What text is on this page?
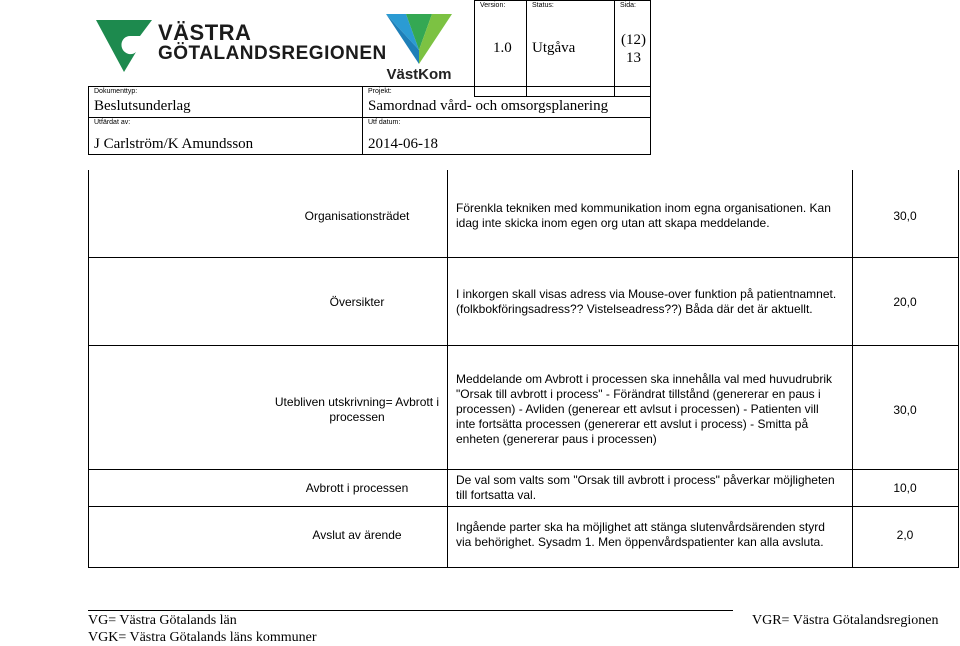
VÄSTRA
GÖTALANDSREGIONEN
VästKom
Version:
1.0
Status:
Utgåva
Sida:
(12)
13
Dokumenttyp:
Beslutsunderlag
Projekt:
Samordnad vård- och omsorgsplanering
Utfärdat av:
J Carlström/K Amundsson
Utf datum:
2014-06-18
Organisationsträdet
Förenkla tekniken med kommunikation inom egna organisationen. Kan idag inte skicka inom egen org utan att skapa meddelande.
30,0
Översikter
I inkorgen skall visas adress via Mouse-over funktion på patientnamnet.(folkbokföringsadress?? Vistelseadress??) Båda där det är aktuellt.
20,0
Utebliven utskrivning= Avbrott i processen
Meddelande om Avbrott i processen ska innehålla val med huvudrubrik "Orsak till avbrott i process" - Förändrat tillstånd (genererar en paus i processen) - Avliden (generear ett avlsut i processen) - Patienten vill inte fortsätta processen (genererar ett avslut i process) - Smitta på enheten (genererar paus i processen)
30,0
Avbrott i processen
De val som valts som "Orsak till avbrott i process" påverkar möjligheten till fortsatta val.
10,0
Avslut av ärende
Ingående parter ska ha möjlighet att stänga slutenvårdsärenden styrd via behörighet. Sysadm 1. Men öppenvårdspatienter kan alla avsluta.
2,0
VG= Västra Götalands län
VGK= Västra Götalands läns kommuner
VGR= Västra Götalandsregionen
